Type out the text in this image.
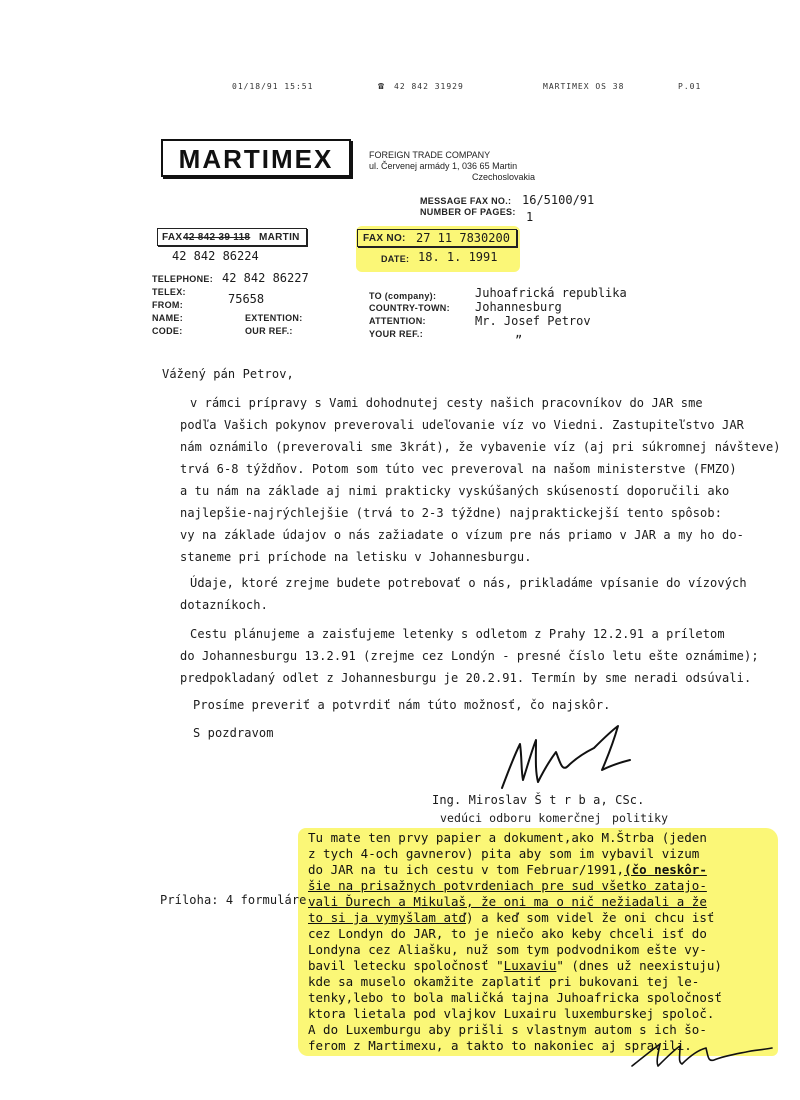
01/18/91 15:51	☎ 42 842 31929	MARTIMEX OS 38	P.01
MARTIMEX	FOREIGN TRADE COMPANY
ul. Červenej armády 1, 036 65 Martin
Czechoslovakia
MESSAGE FAX NO.: 16/5100/91
NUMBER OF PAGES: 1
FAX 42 842 39 118 MARTIN
42 842 86224
FAX NO: 27 11 7830200
DATE: 18. 1. 1991
TELEPHONE: 42 842 86227
TELEX:
FROM:	75658
NAME:	EXTENTION:
CODE:	OUR REF.:
TO (company):	Juhoafrická republika
COUNTRY-TOWN: Johannesburg
ATTENTION:	Mr. Josef Petrov
YOUR REF.:	„
Vážený pán Petrov,
v rámci prípravy s Vami dohodnutej cesty našich pracovníkov do JAR sme
podľa Vašich pokynov preverovali udeľovanie víz vo Viedni. Zastupiteľstvo JAR
nám oznámilo (preverovali sme 3krát), že vybavenie víz (aj pri súkromnej návšteve)
trvá 6-8 týždňov. Potom som túto vec preveroval na našom ministerstve (FMZO)
a tu nám na základe aj nimi prakticky vyskúšaných skúseností doporučili ako
najlepšie-najrýchlejšie (trvá to 2-3 týždne) najpraktickejší tento spôsob:
vy na základe údajov o nás zažiadate o vízum pre nás priamo v JAR a my ho do-
staneme pri príchode na letisku v Johannesburgu.
Údaje, ktoré zrejme budete potrebovať o nás, prikladáme vpísanie do vízových
dotazníkoch.
Cestu plánujeme a zaisťujeme letenky s odletom z Prahy 12.2.91 a príletom
do Johannesburgu 13.2.91 (zrejme cez Londýn - presné číslo letu ešte oznámime);
predpokladaný odlet z Johannesburgu je 20.2.91. Termín by sme neradi odsúvali.
Prosíme preveriť a potvrdiť nám túto možnosť, čo najskôr.
S pozdravom
Ing. Miroslav Š t r b a, CSc.
vedúci odboru komerčnej politiky
Príloha: 4 formuláre
Tu mate ten prvy papier a dokument,ako M.Štrba (jeden
z tych 4-och gavnerov) pita aby som im vybavil vizum
do JAR na tu ich cestu v tom Februar/1991,(čo neskôr-
šie na prisažnych potvrdeniach pre sud všetko zatajo-
vali Ďurech a Mikulaš, že oni ma o nič nežiadali a že
to si ja vymyšlam atď) a keď som videl že oni chcu isť
cez Londyn do JAR, to je niečo ako keby chceli isť do
Londyna cez Aliašku, nuž som tym podvodnikom ešte vy-
bavil letecku spoločnosť "Luxaviu" (dnes už neexistuju)
kde sa muselo okamžite zaplatiť pri bukovani tej le-
tenky,lebo to bola maličká tajna Juhoafricka spoločnosť
ktora lietala pod vlajkov Luxairu luxemburskej spoloč.
A do Luxemburgu aby prišli s vlastnym autom s ich šo-
ferom z Martimexu, a takto to nakoniec aj spravili.
